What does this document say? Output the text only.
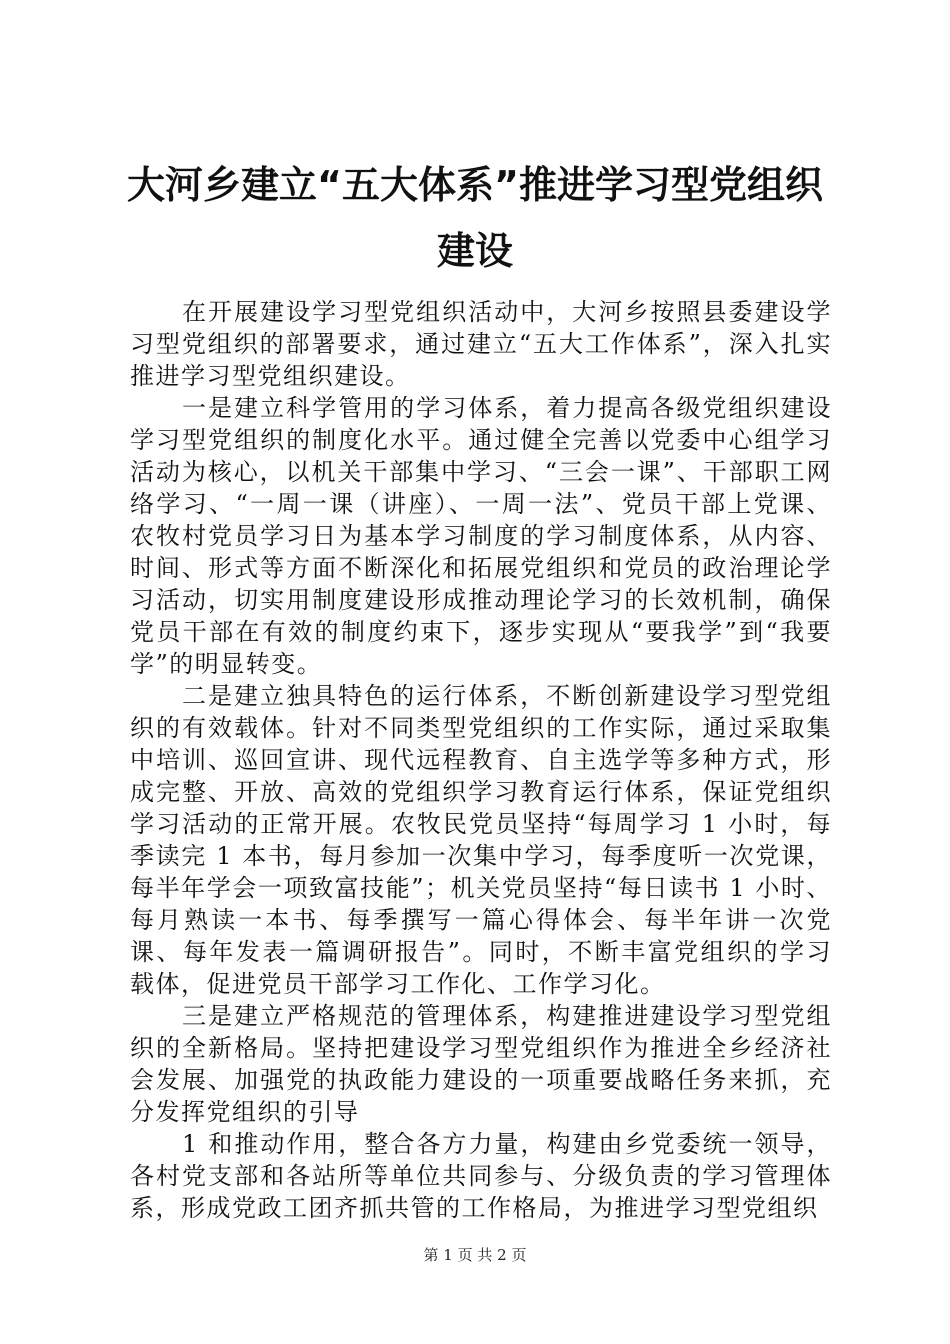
大河乡建立“五大体系”推进学习型党组织建设

在开展建设学习型党组织活动中，大河乡按照县委建设学习型党组织的部署要求，通过建立“五大工作体系”，深入扎实推进学习型党组织建设。

一是建立科学管用的学习体系，着力提高各级党组织建设学习型党组织的制度化水平。通过健全完善以党委中心组学习活动为核心，以机关干部集中学习、“三会一课”、干部职工网络学习、“一周一课（讲座）、一周一法”、党员干部上党课、农牧村党员学习日为基本学习制度的学习制度体系，从内容、时间、形式等方面不断深化和拓展党组织和党员的政治理论学习活动，切实用制度建设形成推动理论学习的长效机制，确保党员干部在有效的制度约束下，逐步实现从“要我学”到“我要学”的明显转变。

二是建立独具特色的运行体系，不断创新建设学习型党组织的有效载体。针对不同类型党组织的工作实际，通过采取集中培训、巡回宣讲、现代远程教育、自主选学等多种方式，形成完整、开放、高效的党组织学习教育运行体系，保证党组织学习活动的正常开展。农牧民党员坚持“每周学习 1 小时，每季读完 1 本书，每月参加一次集中学习，每季度听一次党课，每半年学会一项致富技能”；机关党员坚持“每日读书 1 小时、每月熟读一本书、每季撰写一篇心得体会、每半年讲一次党课、每年发表一篇调研报告”。同时，不断丰富党组织的学习载体，促进党员干部学习工作化、工作学习化。

三是建立严格规范的管理体系，构建推进建设学习型党组织的全新格局。坚持把建设学习型党组织作为推进全乡经济社会发展、加强党的执政能力建设的一项重要战略任务来抓，充分发挥党组织的引导

1 和推动作用，整合各方力量，构建由乡党委统一领导，各村党支部和各站所等单位共同参与、分级负责的学习管理体系，形成党政工团齐抓共管的工作格局，为推进学习型党组织

第 1 页 共 2 页
